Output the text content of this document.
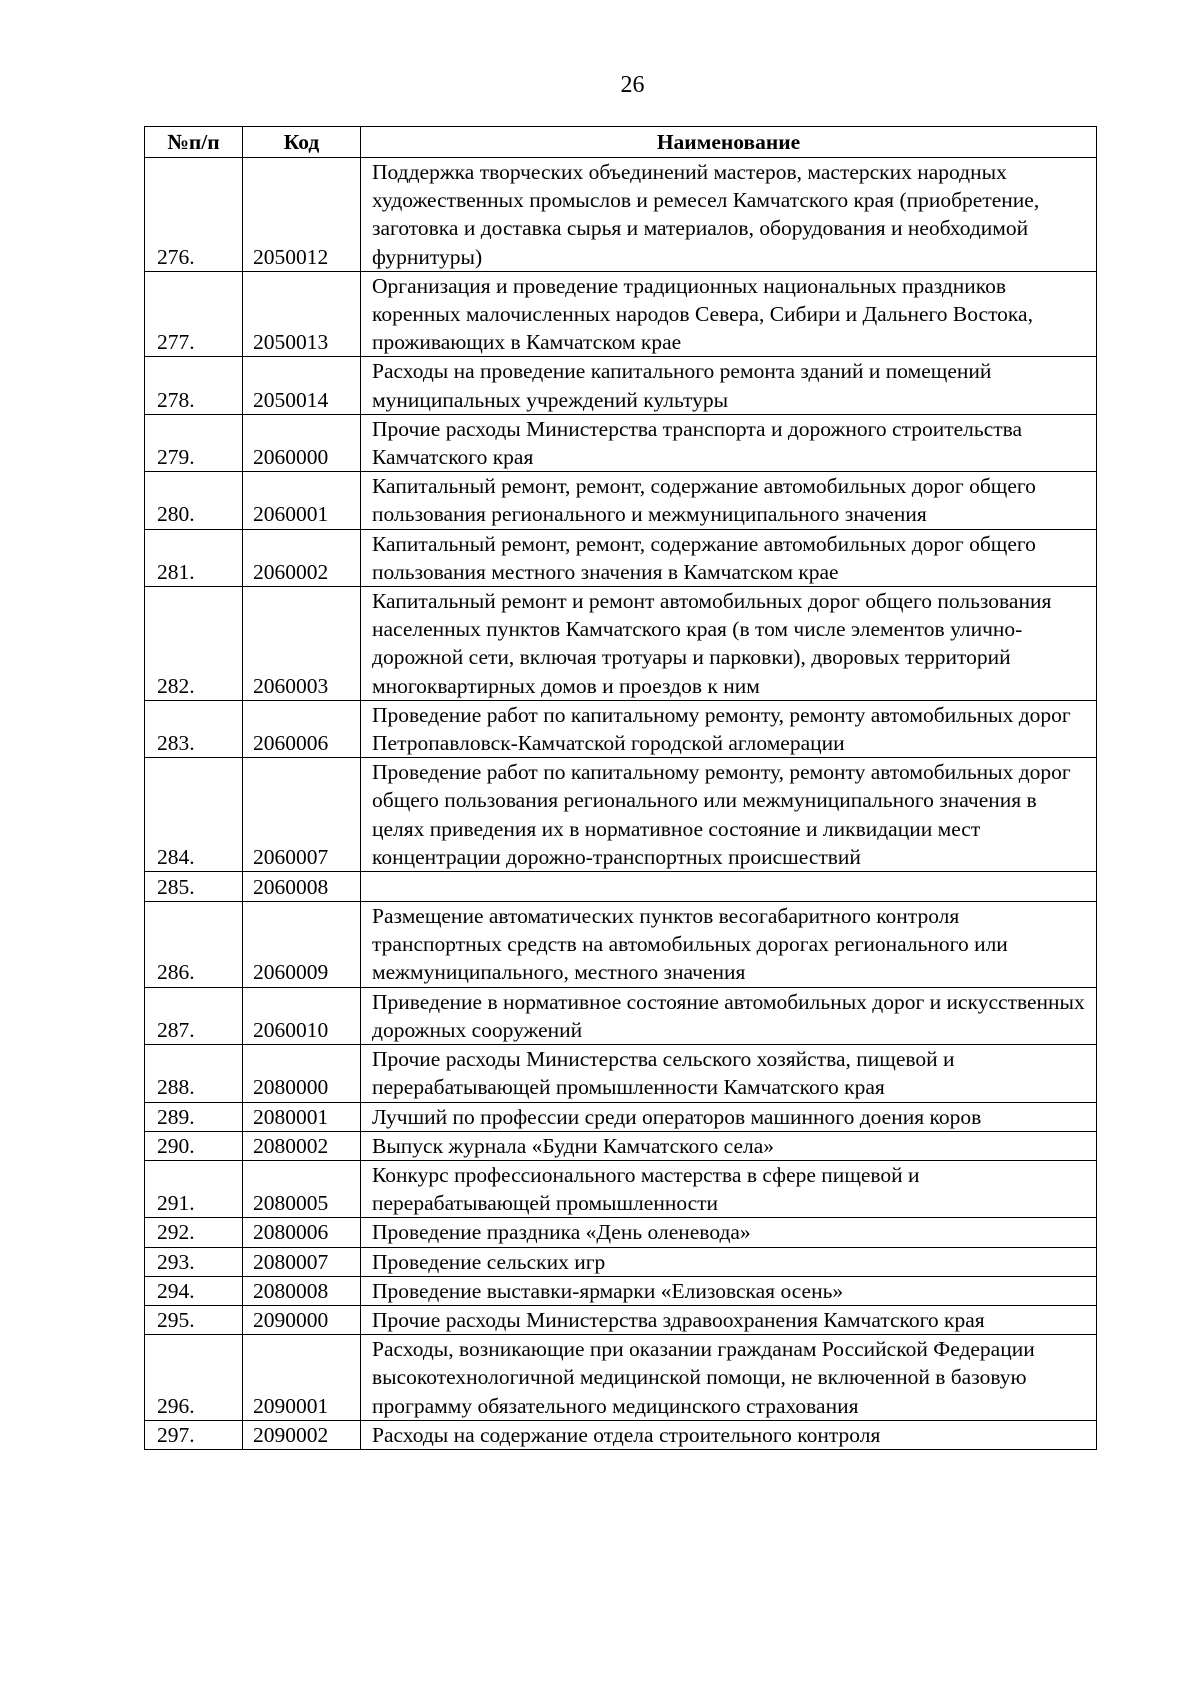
26
№п/п	Код	Наименование
276.	2050012	Поддержка творческих объединений мастеров, мастерских народных художественных промыслов и ремесел Камчатского края (приобретение, заготовка и доставка сырья и материалов, оборудования и необходимой фурнитуры)
277.	2050013	Организация и проведение традиционных национальных праздников коренных малочисленных народов Севера, Сибири и Дальнего Востока, проживающих в Камчатском крае
278.	2050014	Расходы на проведение капитального ремонта зданий и помещений муниципальных учреждений культуры
279.	2060000	Прочие расходы Министерства транспорта и дорожного строительства Камчатского края
280.	2060001	Капитальный ремонт, ремонт, содержание автомобильных дорог общего пользования регионального и межмуниципального значения
281.	2060002	Капитальный ремонт, ремонт, содержание автомобильных дорог общего пользования местного значения в Камчатском крае
282.	2060003	Капитальный ремонт и ремонт автомобильных дорог общего пользования населенных пунктов Камчатского края (в том числе элементов улично-дорожной сети, включая тротуары и парковки), дворовых территорий многоквартирных домов и проездов к ним
283.	2060006	Проведение работ по капитальному ремонту, ремонту автомобильных дорог Петропавловск-Камчатской городской агломерации
284.	2060007	Проведение работ по капитальному ремонту, ремонту автомобильных дорог общего пользования регионального или межмуниципального значения в целях приведения их в нормативное состояние и ликвидации мест концентрации дорожно-транспортных происшествий
285.	2060008	
286.	2060009	Размещение автоматических пунктов весогабаритного контроля транспортных средств на автомобильных дорогах регионального или межмуниципального, местного значения
287.	2060010	Приведение в нормативное состояние автомобильных дорог и искусственных дорожных сооружений
288.	2080000	Прочие расходы Министерства сельского хозяйства, пищевой и перерабатывающей промышленности Камчатского края
289.	2080001	Лучший по профессии среди операторов машинного доения коров
290.	2080002	Выпуск журнала «Будни Камчатского села»
291.	2080005	Конкурс профессионального мастерства в сфере пищевой и перерабатывающей промышленности
292.	2080006	Проведение праздника «День оленевода»
293.	2080007	Проведение сельских игр
294.	2080008	Проведение выставки-ярмарки «Елизовская осень»
295.	2090000	Прочие расходы Министерства здравоохранения Камчатского края
296.	2090001	Расходы, возникающие при оказании гражданам Российской Федерации высокотехнологичной медицинской помощи, не включенной в базовую программу обязательного медицинского страхования
297.	2090002	Расходы на содержание отдела строительного контроля
